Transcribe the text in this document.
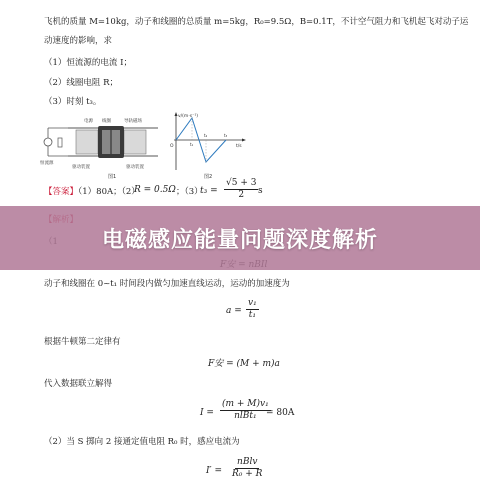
飞机的质量 M=10kg，动子和线圈的总质量 m=5kg，R₀=9.5Ω，B=0.1T，不计空气阻力和飞机起飞对动子运
动速度的影响，求
（1）恒流源的电流 I；
（2）线圈电阻 R；
（3）时刻 t₃。
电源 线圈	导轨磁场
恒流源
驱动装置	驱动装置
图1
v/(m·s⁻¹)
t/s
O	t₁
t₂	t₃
图2
【答案】（1）80A；（2）
R = 0.5Ω ；（3）
$t_3 = \frac{√5 + 3}{2}$ s
动子和线圈在 0~t₁ 时间段内做匀加速直线运动，运动的加速度为
$a = \frac{\text{v₁}}{\text{t₁}}$
根据牛顿第二定律有
F安 = (M + m)a
代入数据联立解得
$I = \frac{\text{(m + M)v₁}}{\text{nlBt₁}}$
= 80A
（2）当 S 掷向 2 接通定值电阻 R₀ 时，感应电流为
$I' = \frac{\text{nBlv}}{\text{R₀ + R}}$
电磁感应能量问题深度解析
